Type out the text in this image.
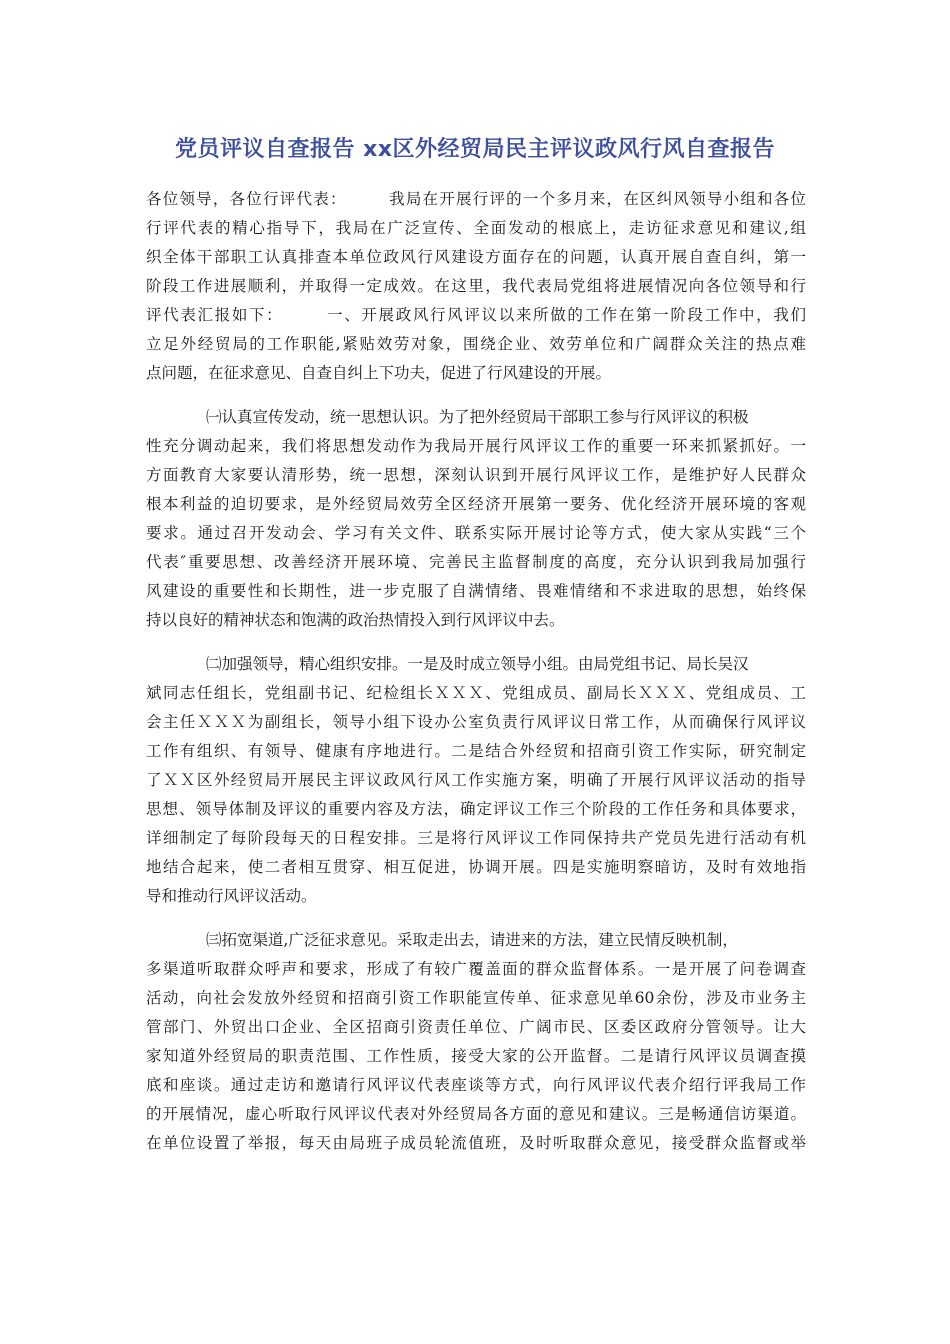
党员评议自查报告 xx区外经贸局民主评议政风行风自查报告
各位领导，各位行评代表：　　　我局在开展行评的一个多月来，在区纠风领导小组和各位
行评代表的精心指导下，我局在广泛宣传、全面发动的根底上，走访征求意见和建议,组
织全体干部职工认真排查本单位政风行风建设方面存在的问题，认真开展自查自纠，第一
阶段工作进展顺利，并取得一定成效。在这里，我代表局党组将进展情况向各位领导和行
评代表汇报如下：　　　一、开展政风行风评议以来所做的工作在第一阶段工作中，我们
立足外经贸局的工作职能,紧贴效劳对象，围绕企业、效劳单位和广阔群众关注的热点难
点问题，在征求意见、自查自纠上下功夫，促进了行风建设的开展。
㈠认真宣传发动，统一思想认识。为了把外经贸局干部职工参与行风评议的积极
性充分调动起来，我们将思想发动作为我局开展行风评议工作的重要一环来抓紧抓好。一
方面教育大家要认清形势，统一思想，深刻认识到开展行风评议工作，是维护好人民群众
根本利益的迫切要求，是外经贸局效劳全区经济开展第一要务、优化经济开展环境的客观
要求。通过召开发动会、学习有关文件、联系实际开展讨论等方式，使大家从实践“三个
代表″重要思想、改善经济开展环境、完善民主监督制度的高度，充分认识到我局加强行
风建设的重要性和长期性，进一步克服了自满情绪、畏难情绪和不求进取的思想，始终保
持以良好的精神状态和饱满的政治热情投入到行风评议中去。
㈡加强领导，精心组织安排。一是及时成立领导小组。由局党组书记、局长吴汉
斌同志任组长，党组副书记、纪检组长ＸＸＸ、党组成员、副局长ＸＸＸ、党组成员、工
会主任ＸＸＸ为副组长，领导小组下设办公室负责行风评议日常工作，从而确保行风评议
工作有组织、有领导、健康有序地进行。二是结合外经贸和招商引资工作实际，研究制定
了ＸＸ区外经贸局开展民主评议政风行风工作实施方案，明确了开展行风评议活动的指导
思想、领导体制及评议的重要内容及方法，确定评议工作三个阶段的工作任务和具体要求，
详细制定了每阶段每天的日程安排。三是将行风评议工作同保持共产党员先进行活动有机
地结合起来，使二者相互贯穿、相互促进，协调开展。四是实施明察暗访，及时有效地指
导和推动行风评议活动。
㈢拓宽渠道,广泛征求意见。采取走出去，请进来的方法，建立民情反映机制，
多渠道听取群众呼声和要求，形成了有较广覆盖面的群众监督体系。一是开展了问卷调查
活动，向社会发放外经贸和招商引资工作职能宣传单、征求意见单60余份，涉及市业务主
管部门、外贸出口企业、全区招商引资责任单位、广阔市民、区委区政府分管领导。让大
家知道外经贸局的职责范围、工作性质，接受大家的公开监督。二是请行风评议员调查摸
底和座谈。通过走访和邀请行风评议代表座谈等方式，向行风评议代表介绍行评我局工作
的开展情况，虚心听取行风评议代表对外经贸局各方面的意见和建议。三是畅通信访渠道。
在单位设置了举报，每天由局班子成员轮流值班，及时听取群众意见，接受群众监督或举
